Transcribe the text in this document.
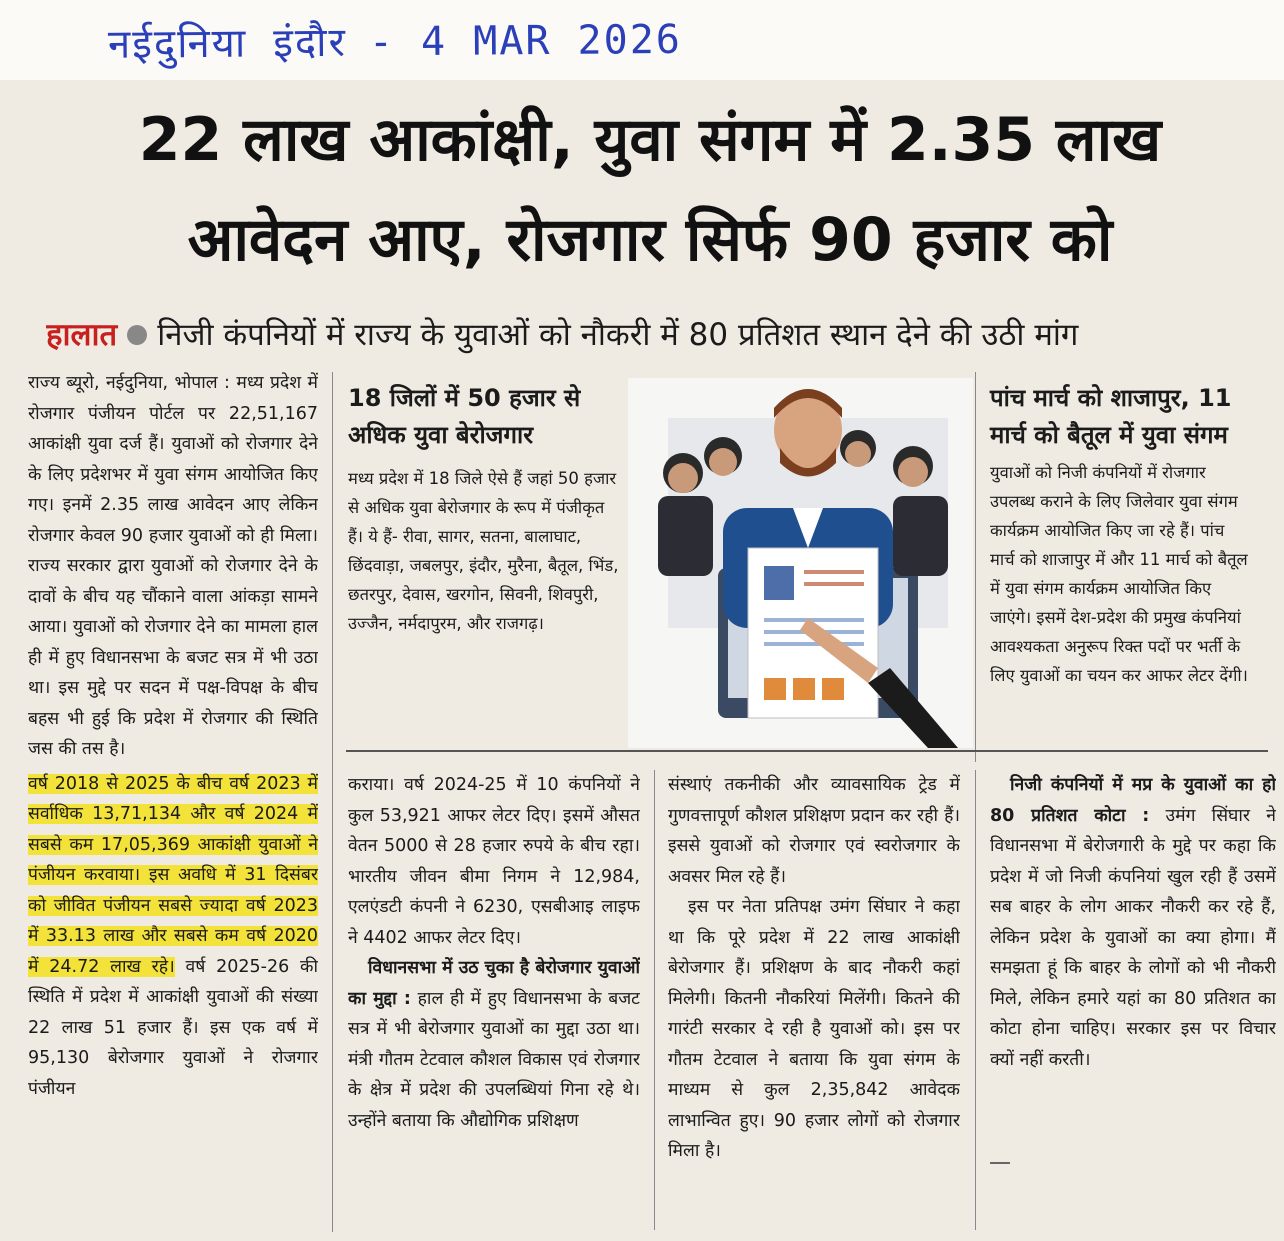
नईदुनिया इंदौर - 4 MAR 2026
22 लाख आकांक्षी, युवा संगम में 2.35 लाख
आवेदन आए, रोजगार सिर्फ 90 हजार को
हालात निजी कंपनियों में राज्य के युवाओं को नौकरी में 80 प्रतिशत स्थान देने की उठी मांग

राज्य ब्यूरो, नईदुनिया, भोपाल : मध्य प्रदेश में रोजगार पंजीयन पोर्टल पर 22,51,167 आकांक्षी युवा दर्ज हैं। युवाओं को रोजगार देने के लिए प्रदेशभर में युवा संगम आयोजित किए गए। इनमें 2.35 लाख आवेदन आए लेकिन रोजगार केवल 90 हजार युवाओं को ही मिला। राज्य सरकार द्वारा युवाओं को रोजगार देने के दावों के बीच यह चौंकाने वाला आंकड़ा सामने आया। युवाओं को रोजगार देने का मामला हाल ही में हुए विधानसभा के बजट सत्र में भी उठा था। इस मुद्दे पर सदन में पक्ष-विपक्ष के बीच बहस भी हुई कि प्रदेश में रोजगार की स्थिति जस की तस है।

वर्ष 2018 से 2025 के बीच वर्ष 2023 में सर्वाधिक 13,71,134 और वर्ष 2024 में सबसे कम 17,05,369 आकांक्षी युवाओं ने पंजीयन करवाया। इस अवधि में 31 दिसंबर को जीवित पंजीयन सबसे ज्यादा वर्ष 2023 में 33.13 लाख और सबसे कम वर्ष 2020 में 24.72 लाख रहे। वर्ष 2025-26 की स्थिति में प्रदेश में आकांक्षी युवाओं की संख्या 22 लाख 51 हजार हैं। इस एक वर्ष में 95,130 बेरोजगार युवाओं ने रोजगार पंजीयन

18 जिलों में 50 हजार से अधिक युवा बेरोजगार
मध्य प्रदेश में 18 जिले ऐसे हैं जहां 50 हजार से अधिक युवा बेरोजगार के रूप में पंजीकृत हैं। ये हैं- रीवा, सागर, सतना, बालाघाट, छिंदवाड़ा, जबलपुर, इंदौर, मुरैना, बैतूल, भिंड, छतरपुर, देवास, खरगोन, सिवनी, शिवपुरी, उज्जैन, नर्मदापुरम, और राजगढ़।
पांच मार्च को शाजापुर, 11 मार्च को बैतूल में युवा संगम
युवाओं को निजी कंपनियों में रोजगार उपलब्ध कराने के लिए जिलेवार युवा संगम कार्यक्रम आयोजित किए जा रहे हैं। पांच मार्च को शाजापुर में और 11 मार्च को बैतूल में युवा संगम कार्यक्रम आयोजित किए जाएंगे। इसमें देश-प्रदेश की प्रमुख कंपनियां आवश्यकता अनुरूप रिक्त पदों पर भर्ती के लिए युवाओं का चयन कर आफर लेटर देंगी।

कराया। वर्ष 2024-25 में 10 कंपनियों ने कुल 53,921 आफर लेटर दिए। इसमें औसत वेतन 5000 से 28 हजार रुपये के बीच रहा। भारतीय जीवन बीमा निगम ने 12,984, एलएंडटी कंपनी ने 6230, एसबीआइ लाइफ ने 4402 आफर लेटर दिए।

विधानसभा में उठ चुका है बेरोजगार युवाओं का मुद्दा : हाल ही में हुए विधानसभा के बजट सत्र में भी बेरोजगार युवाओं का मुद्दा उठा था। मंत्री गौतम टेटवाल कौशल विकास एवं रोजगार के क्षेत्र में प्रदेश की उपलब्धियां गिना रहे थे। उन्होंने बताया कि औद्योगिक प्रशिक्षण

संस्थाएं तकनीकी और व्यावसायिक ट्रेड में गुणवत्तापूर्ण कौशल प्रशिक्षण प्रदान कर रही हैं। इससे युवाओं को रोजगार एवं स्वरोजगार के अवसर मिल रहे हैं।

इस पर नेता प्रतिपक्ष उमंग सिंघार ने कहा था कि पूरे प्रदेश में 22 लाख आकांक्षी बेरोजगार हैं। प्रशिक्षण के बाद नौकरी कहां मिलेगी। कितनी नौकरियां मिलेंगी। कितने की गारंटी सरकार दे रही है युवाओं को। इस पर गौतम टेटवाल ने बताया कि युवा संगम के माध्यम से कुल 2,35,842 आवेदक लाभान्वित हुए। 90 हजार लोगों को रोजगार मिला है।

निजी कंपनियों में मप्र के युवाओं का हो 80 प्रतिशत कोटा : उमंग सिंघार ने विधानसभा में बेरोजगारी के मुद्दे पर कहा कि प्रदेश में जो निजी कंपनियां खुल रही हैं उसमें सब बाहर के लोग आकर नौकरी कर रहे हैं, लेकिन प्रदेश के युवाओं का क्या होगा। मैं समझता हूं कि बाहर के लोगों को भी नौकरी मिले, लेकिन हमारे यहां का 80 प्रतिशत का कोटा होना चाहिए। सरकार इस पर विचार क्यों नहीं करती।
